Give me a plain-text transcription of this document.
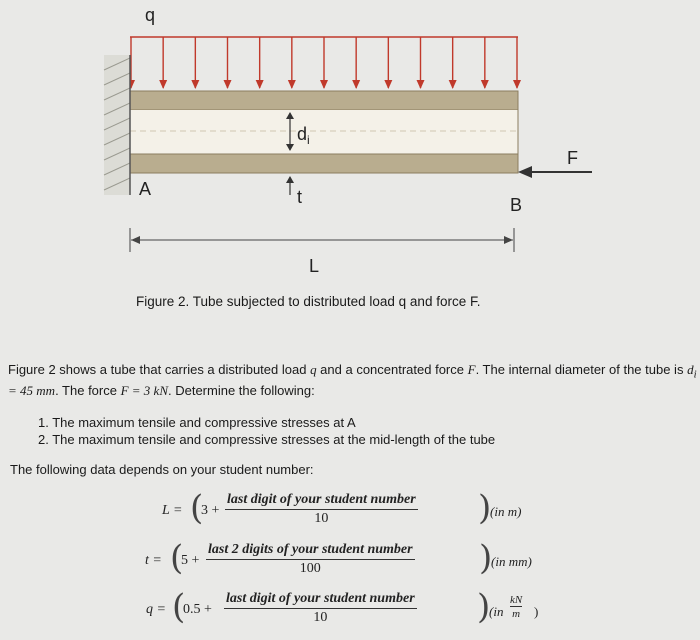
$d_i$
t
q
A
B
F
L
Figure 2. Tube subjected to distributed load q and force F.
Figure 2 shows a tube that carries a distributed load q and a concentrated force F. The internal diameter of the tube is $d_i = 45$ mm. The force F = 3 kN. Determine the following:
1. The maximum tensile and compressive stresses at A
2. The maximum tensile and compressive stresses at the mid-length of the tube
The following data depends on your student number:
L = (
3 +
last digit of your student number
10	)
(in m)
t = (
5 +
last 2 digits of your student number
100	)
(in mm)
q = (
0.5 +
last digit of your student number
10	)
($in \frac{kN}{m}$ )
